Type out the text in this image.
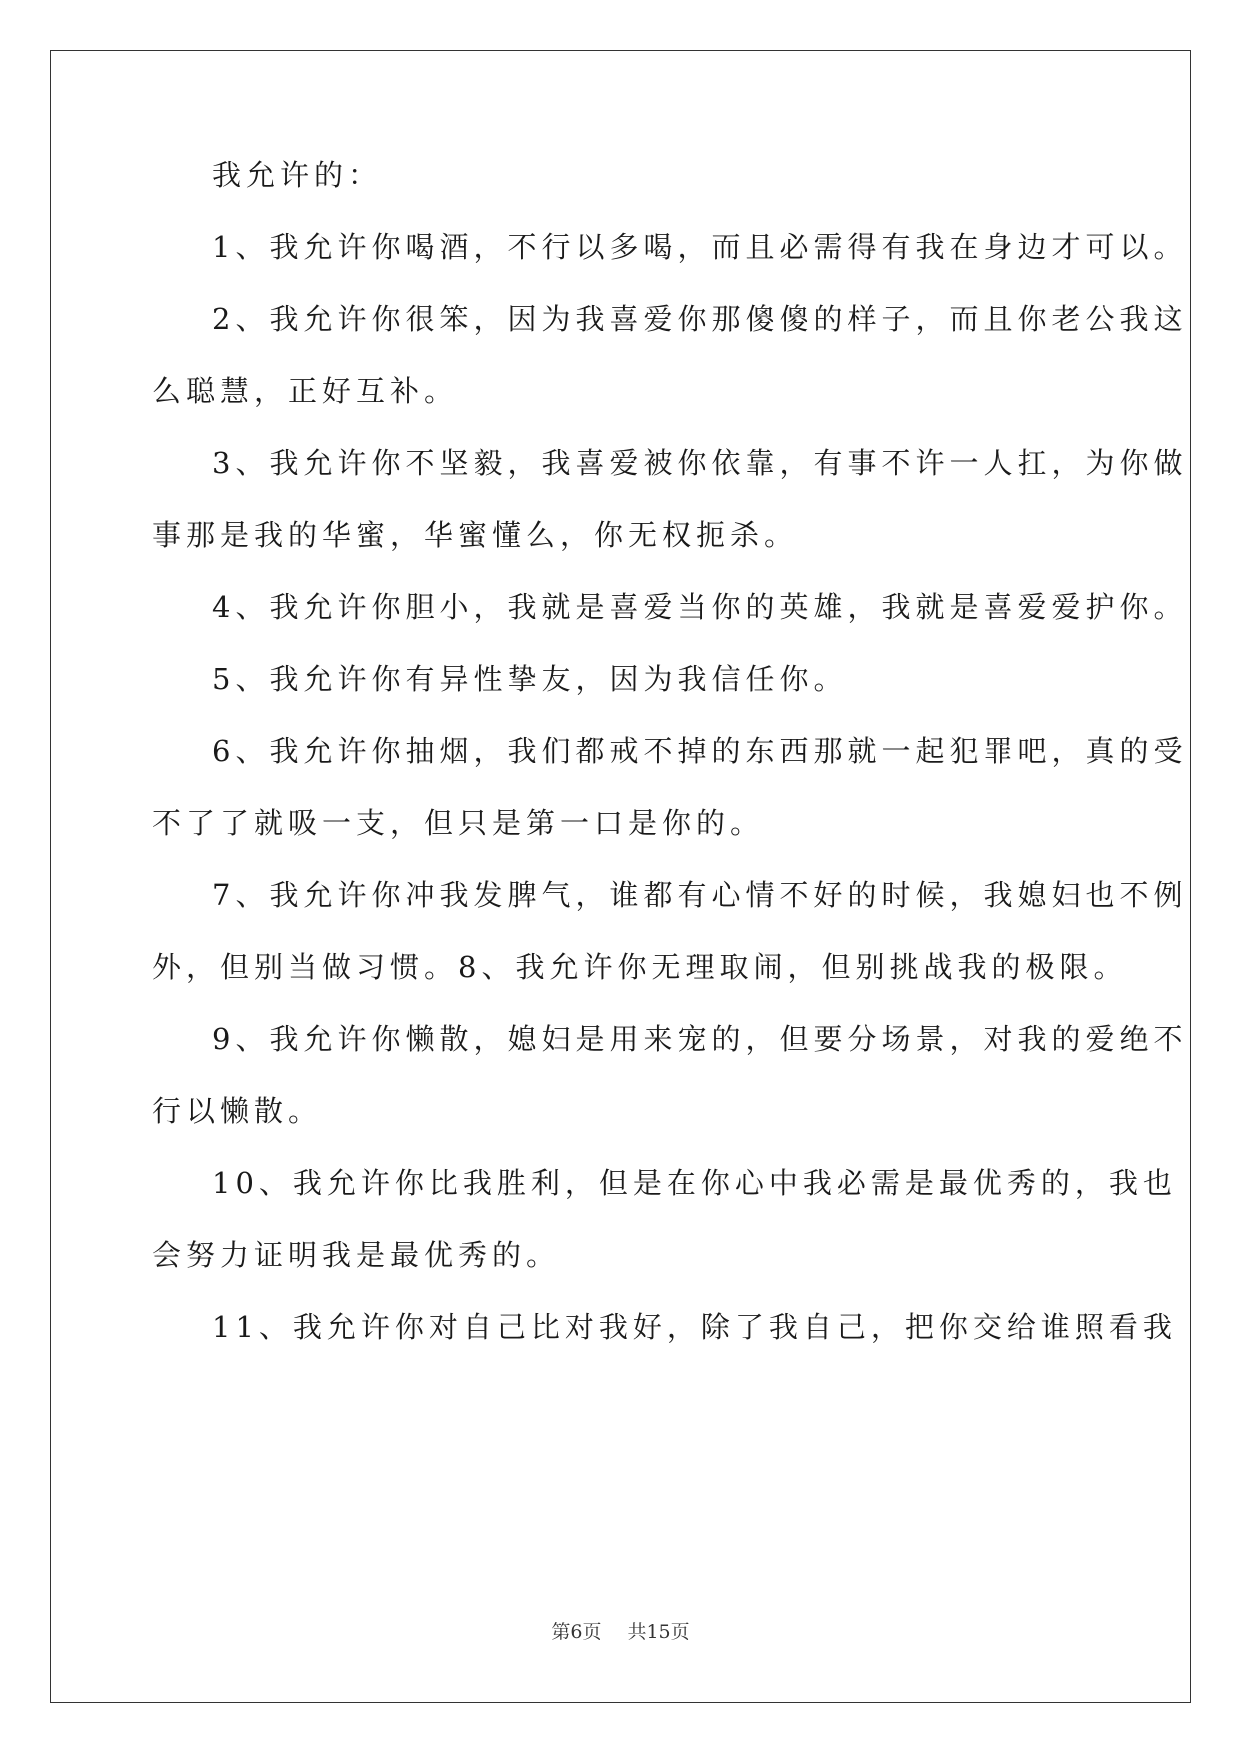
我允许的：
1、我允许你喝酒，不行以多喝，而且必需得有我在身边才可以。
2、我允许你很笨，因为我喜爱你那傻傻的样子，而且你老公我这
么聪慧，正好互补。
3、我允许你不坚毅，我喜爱被你依靠，有事不许一人扛，为你做
事那是我的华蜜，华蜜懂么，你无权扼杀。
4、我允许你胆小，我就是喜爱当你的英雄，我就是喜爱爱护你。
5、我允许你有异性挚友，因为我信任你。
6、我允许你抽烟，我们都戒不掉的东西那就一起犯罪吧，真的受
不了了就吸一支，但只是第一口是你的。
7、我允许你冲我发脾气，谁都有心情不好的时候，我媳妇也不例
外，但别当做习惯。8、我允许你无理取闹，但别挑战我的极限。
9、我允许你懒散，媳妇是用来宠的，但要分场景，对我的爱绝不
行以懒散。
10、我允许你比我胜利，但是在你心中我必需是最优秀的，我也
会努力证明我是最优秀的。
11、我允许你对自己比对我好，除了我自己，把你交给谁照看我
第6页 共15页
